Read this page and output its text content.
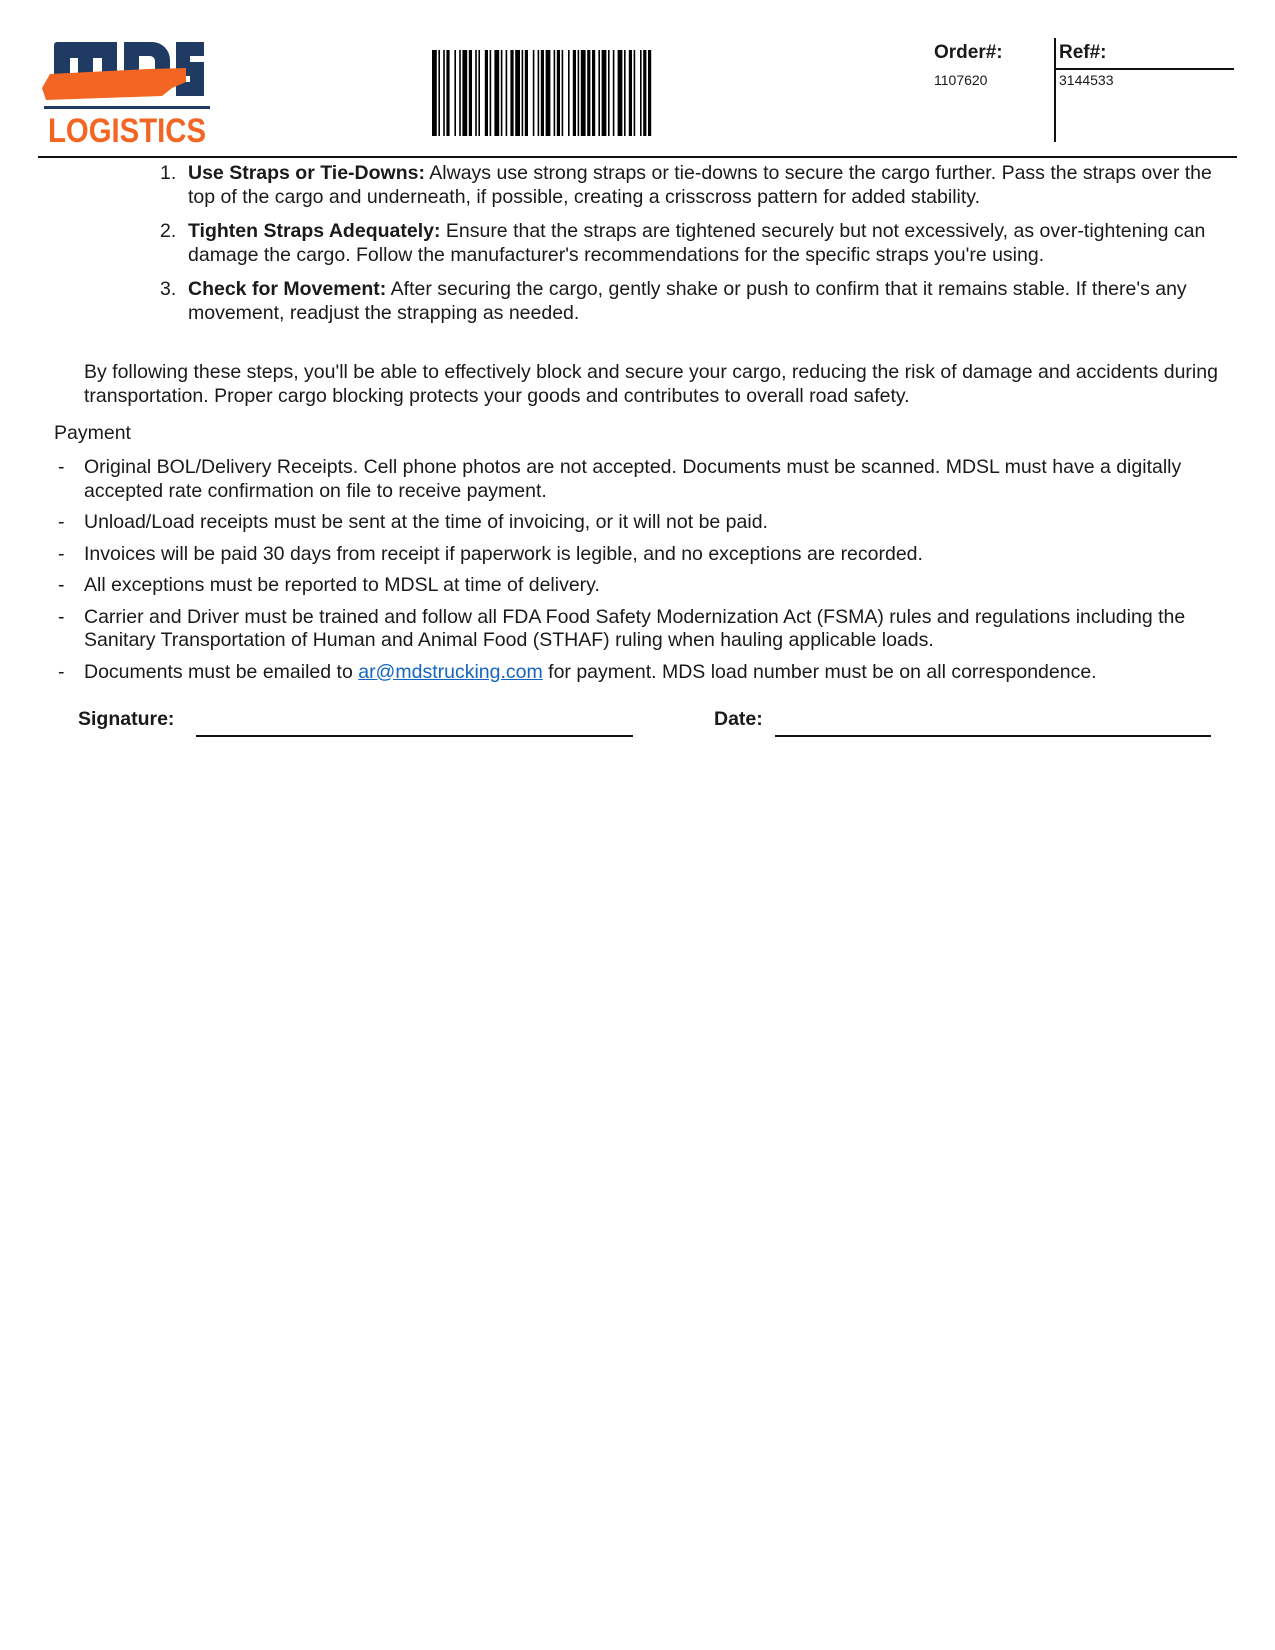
LOGISTICS
Order#:	Ref#:
1107620	3144533
1. Use Straps or Tie-Downs: Always use strong straps or tie-downs to secure the cargo further. Pass the straps over the top of the cargo and underneath, if possible, creating a crisscross pattern for added stability.
2. Tighten Straps Adequately: Ensure that the straps are tightened securely but not excessively, as over-tightening can damage the cargo. Follow the manufacturer's recommendations for the specific straps you're using.
3. Check for Movement: After securing the cargo, gently shake or push to confirm that it remains stable. If there's any movement, readjust the strapping as needed.

By following these steps, you'll be able to effectively block and secure your cargo, reducing the risk of damage and accidents during transportation. Proper cargo blocking protects your goods and contributes to overall road safety.

Payment
- Original BOL/Delivery Receipts. Cell phone photos are not accepted. Documents must be scanned. MDSL must have a digitally accepted rate confirmation on file to receive payment.
- Unload/Load receipts must be sent at the time of invoicing, or it will not be paid.
- Invoices will be paid 30 days from receipt if paperwork is legible, and no exceptions are recorded.
- All exceptions must be reported to MDSL at time of delivery.
- Carrier and Driver must be trained and follow all FDA Food Safety Modernization Act (FSMA) rules and regulations including the Sanitary Transportation of Human and Animal Food (STHAF) ruling when hauling applicable loads.
- Documents must be emailed to ar@mdstrucking.com for payment. MDS load number must be on all correspondence.
Signature:	Date:
